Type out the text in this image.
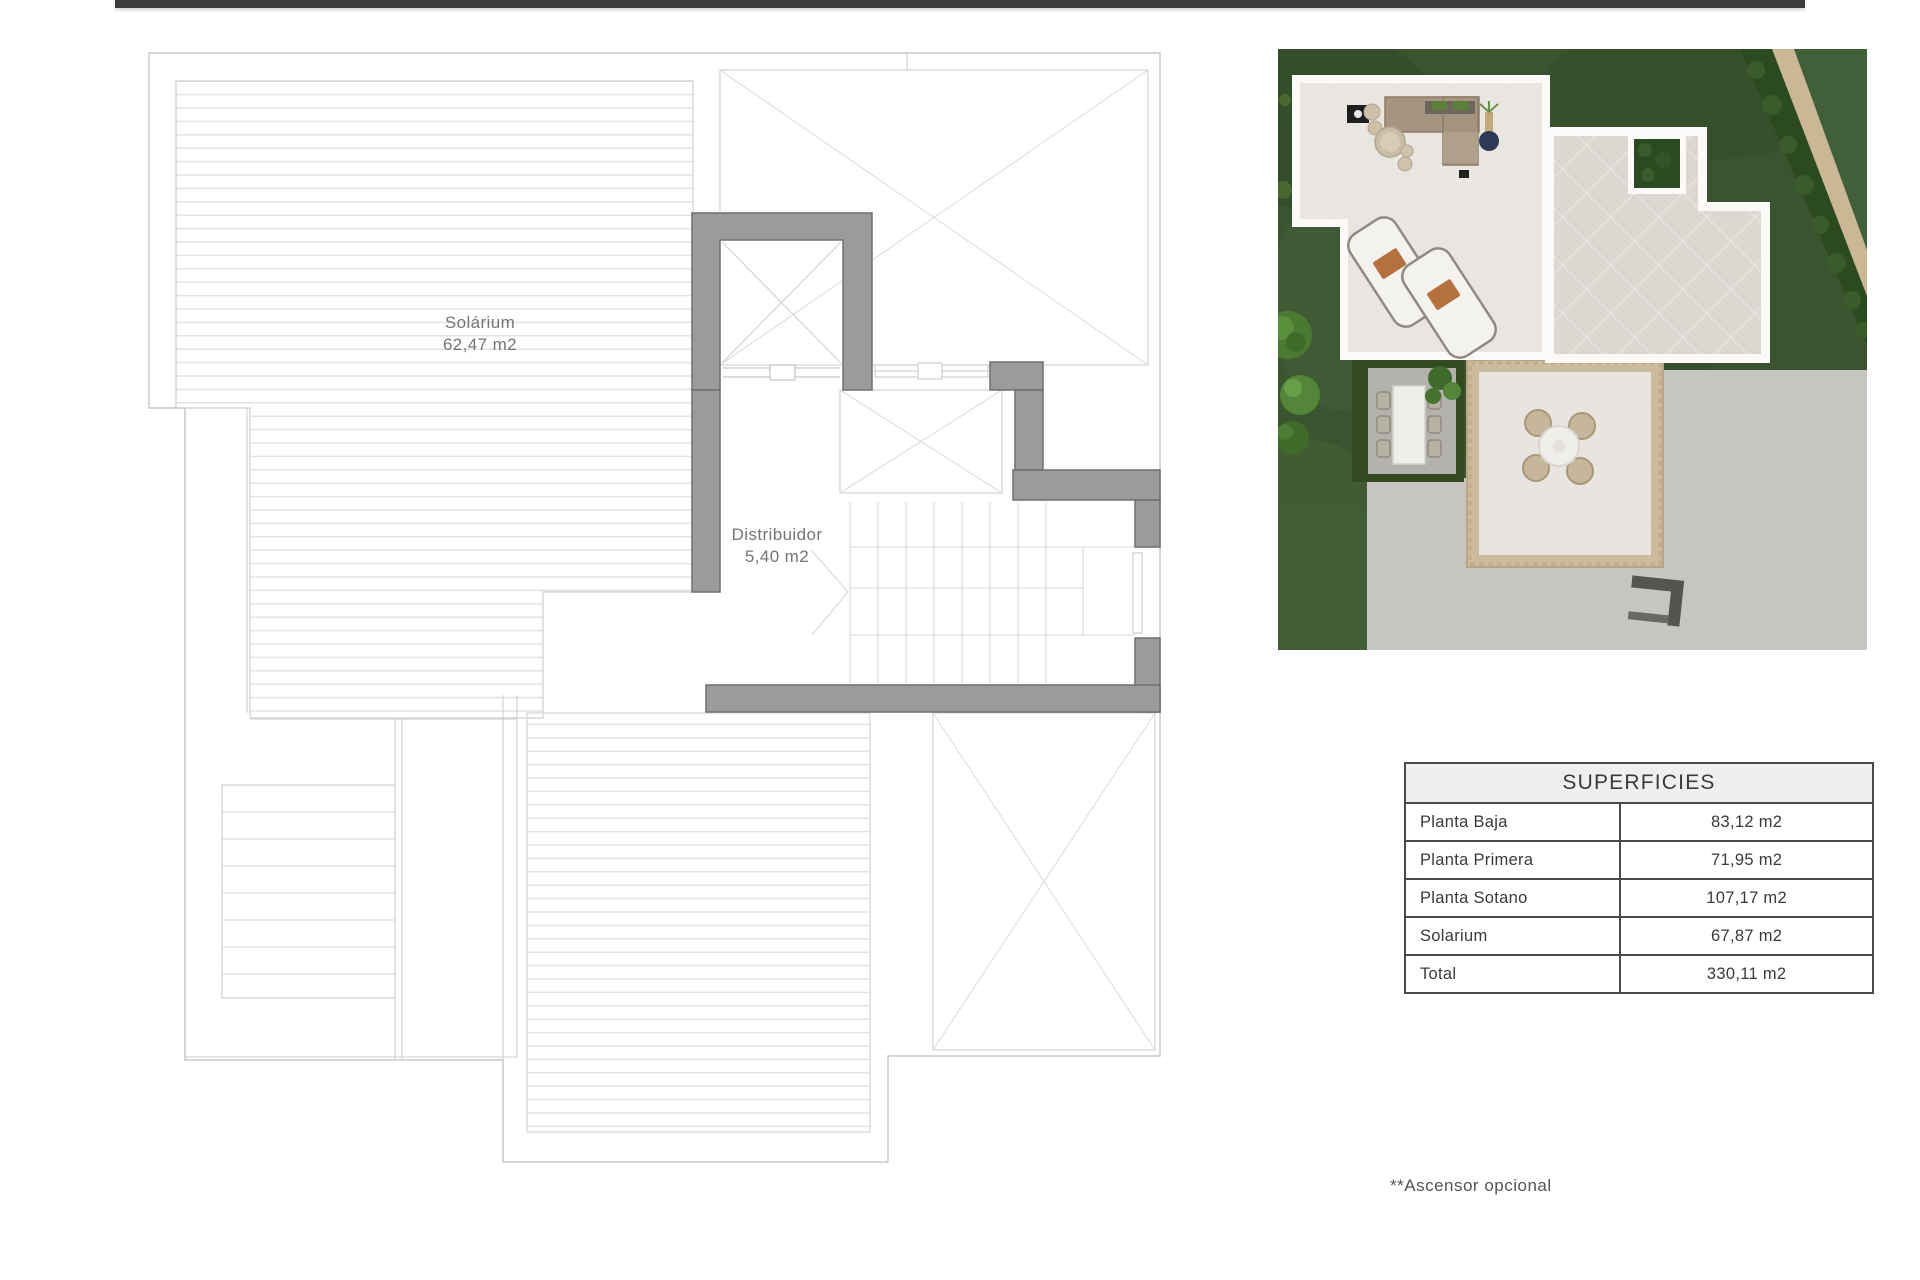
Solárium
62,47 m2
Distribuidor
5,40 m2
SUPERFICIES	
Planta Baja	83,12 m2
Planta Primera	71,95 m2
Planta Sotano	107,17 m2
Solarium	67,87 m2
Total	330,11 m2
**Ascensor opcional
